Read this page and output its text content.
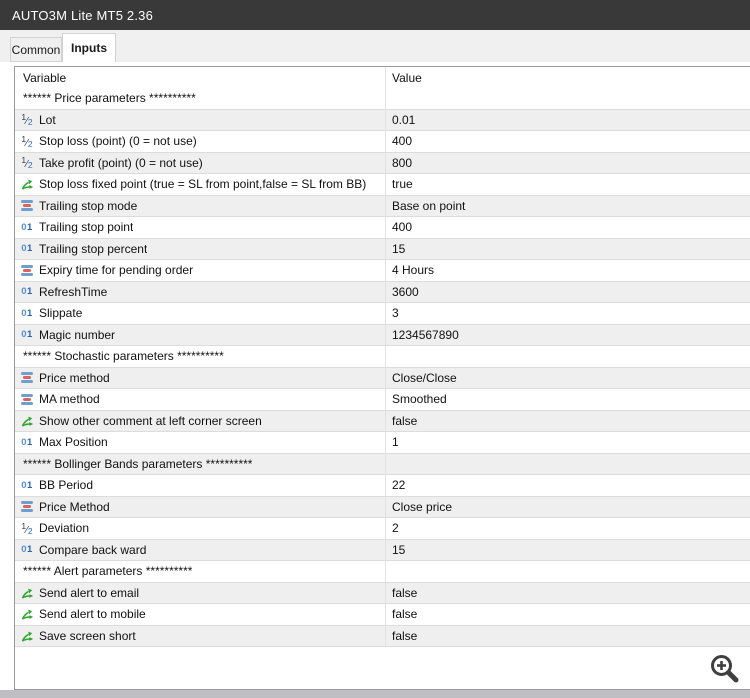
AUTO3M Lite MT5 2.36
Common Inputs
Variable	Value
****** Price parameters **********
$^1$⁄2 Lot	0.01
$^1$⁄2 Stop loss (point) (0 = not use)	400
$^1$⁄2 Take profit (point) (0 = not use)	800
Stop loss fixed point (true = SL from point,false = SL from BB)	true
Trailing stop mode	Base on point
01 Trailing stop point	400
01 Trailing stop percent	15
Expiry time for pending order	4 Hours
01 RefreshTime	3600
01 Slippate	3
01 Magic number	1234567890
****** Stochastic parameters **********
Price method	Close/Close
MA method	Smoothed
Show other comment at left corner screen	false
01 Max Position	1
****** Bollinger Bands parameters **********
01 BB Period	22
Price Method	Close price
$^1$⁄2 Deviation	2
01 Compare back ward	15
****** Alert parameters **********
Send alert to email	false
Send alert to mobile	false
Save screen short	false
